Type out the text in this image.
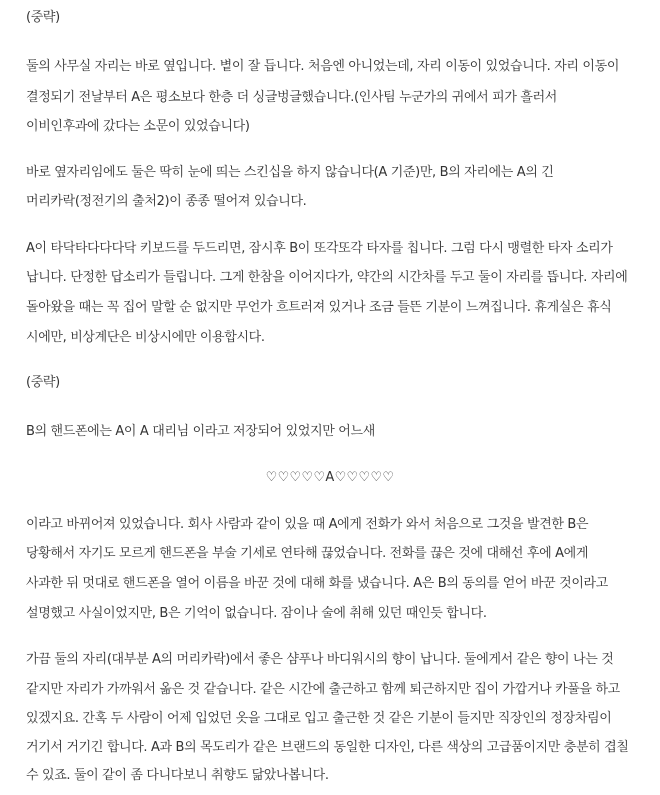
(중략)

둘의 사무실 자리는 바로 옆입니다. 볕이 잘 듭니다. 처음엔 아니었는데, 자리 이동이 있었습니다. 자리 이동이

결정되기 전날부터 A은 평소보다 한층 더 싱글벙글했습니다.(인사팀 누군가의 귀에서 피가 흘러서

이비인후과에 갔다는 소문이 있었습니다)

바로 옆자리임에도 둘은 딱히 눈에 띄는 스킨십을 하지 않습니다(A 기준)만, B의 자리에는 A의 긴

머리카락(정전기의 출처2)이 종종 떨어져 있습니다.

A이 타닥타다다다닥 키보드를 두드리면, 잠시후 B이 또각또각 타자를 칩니다. 그럼 다시 맹렬한 타자 소리가

납니다. 단정한 답소리가 들립니다. 그게 한참을 이어지다가, 약간의 시간차를 두고 둘이 자리를 뜹니다. 자리에

돌아왔을 때는 꼭 집어 말할 순 없지만 무언가 흐트러져 있거나 조금 들뜬 기분이 느껴집니다. 휴게실은 휴식

시에만, 비상계단은 비상시에만 이용합시다.

(중략)

B의 핸드폰에는 A이 A 대리님 이라고 저장되어 있었지만 어느새

♡♡♡♡♡A♡♡♡♡♡

이라고 바뀌어져 있었습니다. 회사 사람과 같이 있을 때 A에게 전화가 와서 처음으로 그것을 발견한 B은

당황해서 자기도 모르게 핸드폰을 부술 기세로 연타해 끊었습니다. 전화를 끊은 것에 대해선 후에 A에게

사과한 뒤 멋대로 핸드폰을 열어 이름을 바꾼 것에 대해 화를 냈습니다. A은 B의 동의를 얻어 바꾼 것이라고

설명했고 사실이었지만, B은 기억이 없습니다. 잠이나 술에 취해 있던 때인듯 합니다.

가끔 둘의 자리(대부분 A의 머리카락)에서 좋은 샴푸나 바디워시의 향이 납니다. 둘에게서 같은 향이 나는 것

같지만 자리가 가까워서 옮은 것 같습니다. 같은 시간에 출근하고 함께 퇴근하지만 집이 가깝거나 카풀을 하고

있겠지요. 간혹 두 사람이 어제 입었던 옷을 그대로 입고 출근한 것 같은 기분이 들지만 직장인의 정장차림이

거기서 거기긴 합니다. A과 B의 목도리가 같은 브랜드의 동일한 디자인, 다른 색상의 고급품이지만 충분히 겹칠

수 있죠. 둘이 같이 좀 다니다보니 취향도 닮았나봅니다.
